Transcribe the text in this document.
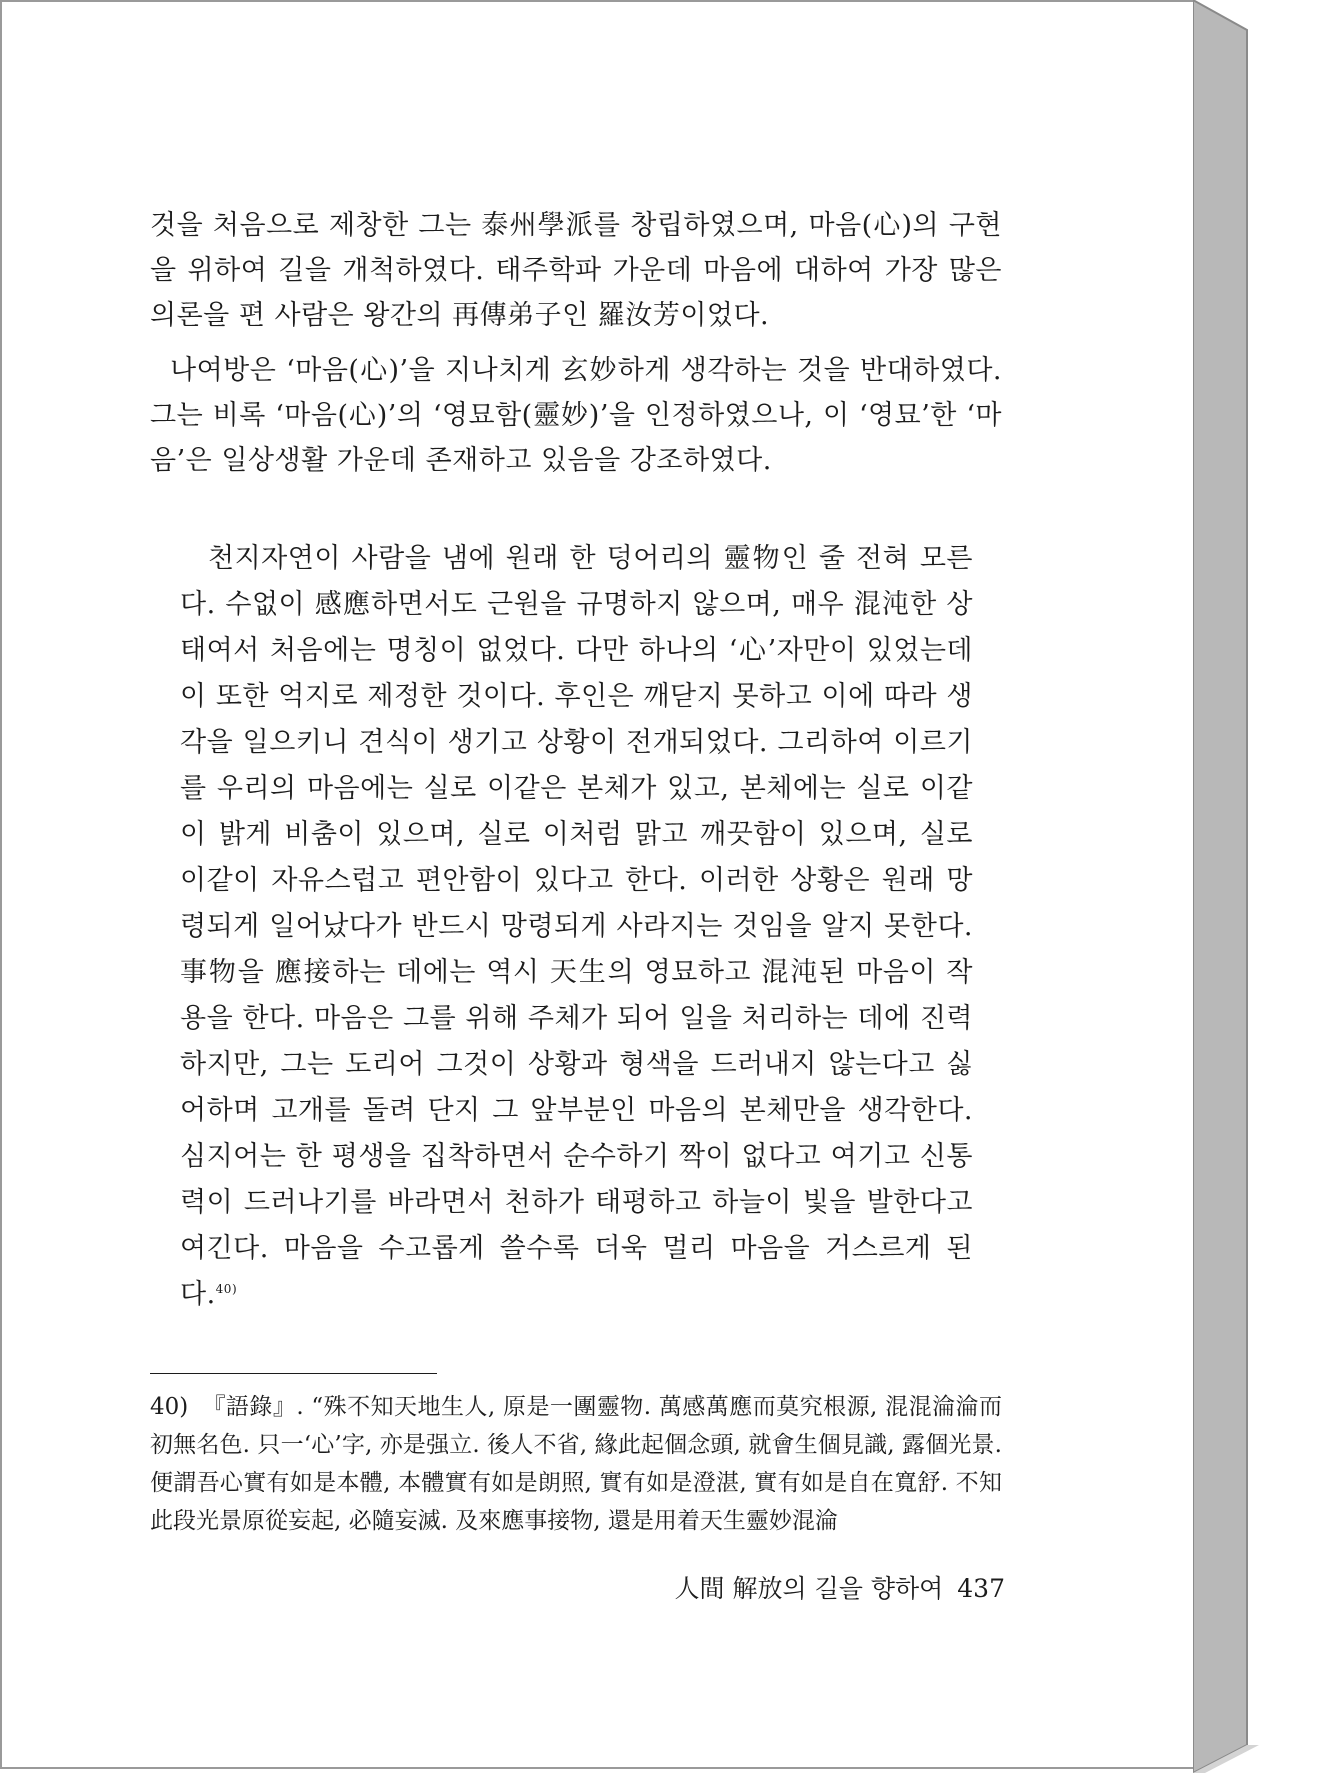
것을 처음으로 제창한 그는 泰州學派를 창립하였으며, 마음(心)의 구현을 위하여 길을 개척하였다. 태주학파 가운데 마음에 대하여 가장 많은 의론을 편 사람은 왕간의 再傳弟子인 羅汝芳이었다.

나여방은 ‘마음(心)’을 지나치게 玄妙하게 생각하는 것을 반대하였다. 그는 비록 ‘마음(心)’의 ‘영묘함(靈妙)’을 인정하였으나, 이 ‘영묘’한 ‘마음’은 일상생활 가운데 존재하고 있음을 강조하였다.

천지자연이 사람을 냄에 원래 한 덩어리의 靈物인 줄 전혀 모른다. 수없이 感應하면서도 근원을 규명하지 않으며, 매우 混沌한 상태여서 처음에는 명칭이 없었다. 다만 하나의 ‘心’자만이 있었는데 이 또한 억지로 제정한 것이다. 후인은 깨닫지 못하고 이에 따라 생각을 일으키니 견식이 생기고 상황이 전개되었다. 그리하여 이르기를 우리의 마음에는 실로 이같은 본체가 있고, 본체에는 실로 이같이 밝게 비춤이 있으며, 실로 이처럼 맑고 깨끗함이 있으며, 실로 이같이 자유스럽고 편안함이 있다고 한다. 이러한 상황은 원래 망령되게 일어났다가 반드시 망령되게 사라지는 것임을 알지 못한다. 事物을 應接하는 데에는 역시 天生의 영묘하고 混沌된 마음이 작용을 한다. 마음은 그를 위해 주체가 되어 일을 처리하는 데에 진력하지만, 그는 도리어 그것이 상황과 형색을 드러내지 않는다고 싫어하며 고개를 돌려 단지 그 앞부분인 마음의 본체만을 생각한다. 심지어는 한 평생을 집착하면서 순수하기 짝이 없다고 여기고 신통력이 드러나기를 바라면서 천하가 태평하고 하늘이 빛을 발한다고 여긴다. 마음을 수고롭게 쓸수록 더욱 멀리 마음을 거스르게 된다.$^{40)}$

40) 『語錄』. “殊不知天地生人, 原是一團靈物. 萬感萬應而莫究根源, 混混淪淪而初無名色. 只一‘心’字, 亦是强立. 後人不省, 緣此起個念頭, 就會生個見識, 露個光景. 便謂吾心實有如是本體, 本體實有如是朗照, 實有如是澄湛, 實有如是自在寬舒. 不知此段光景原從妄起, 必隨妄滅. 及來應事接物, 還是用着天生靈妙混淪

人間 解放의 길을 향하여 437
